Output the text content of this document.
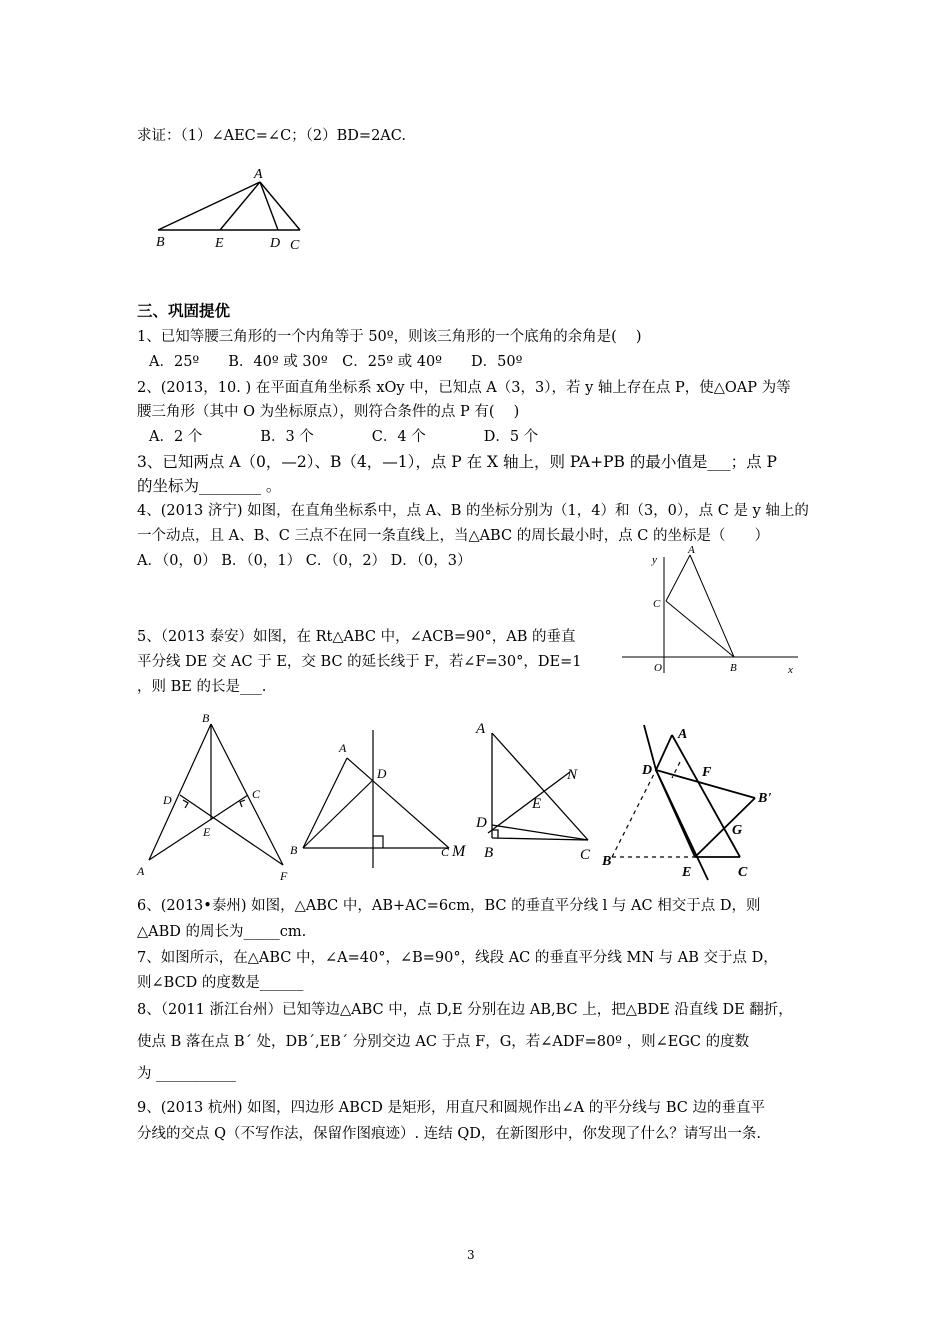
求证：（1）∠AEC=∠C；（2）BD=2AC.
三、巩固提优
1、已知等腰三角形的一个内角等于 50º，则该三角形的一个底角的余角是(　 )
A．25º　　B．40º 或 30º　C．25º 或 40º　　D．50º
2、(2013，10. ) 在平面直角坐标系 xOy 中，已知点 A（3，3），若 y 轴上存在点 P，使△OAP 为等
腰三角形（其中 O 为坐标原点），则符合条件的点 P 有(　 )
A．2 个　　　　B．3 个　　　　C．4 个　　　　D．5 个
3、已知两点 A（0，—2）、B（4，—1），点 P 在 X 轴上，则 PA+PB 的最小值是___；点 P
的坐标为________ 。
4、(2013 济宁) 如图，在直角坐标系中，点 A、B 的坐标分别为（1，4）和（3，0），点 C 是 y 轴上的
一个动点，且 A、B、C 三点不在同一条直线上，当△ABC 的周长最小时，点 C 的坐标是（　　）
A．（0，0） B．（0，1） C．（0，2） D．（0，3）
5、（2013 泰安）如图，在 Rt△ABC 中，∠ACB=90°，AB 的垂直
平分线 DE 交 AC 于 E，交 BC 的延长线于 F，若∠F=30°，DE=1
，则 BE 的长是___.
6、(2013•泰州) 如图，△ABC 中，AB+AC=6cm，BC 的垂直平分线 l 与 AC 相交于点 D，则
△ABD 的周长为_____cm.
7、如图所示，在△ABC 中，∠A=40°，∠B=90°，线段 AC 的垂直平分线 MN 与 AB 交于点 D，
则∠BCD 的度数是______
8、（2011 浙江台州）已知等边△ABC 中，点 D,E 分别在边 AB,BC 上，把△BDE 沿直线 DE 翻折，
使点 B 落在点 B´ 处，DB´,EB´ 分别交边 AC 于点 F，G，若∠ADF=80º ，则∠EGC 的度数
为 ___________
9、(2013 杭州) 如图，四边形 ABCD 是矩形，用直尺和圆规作出∠A 的平分线与 BC 边的垂直平
分线的交点 Q（不写作法，保留作图痕迹）. 连结 QD，在新图形中，你发现了什么？请写出一条.
3
A
B	E	D C
y
A
C
O	B	x
B
D	C
E
A	F
A
D
B	C M
A
N
E
D
B	C
A
D	F
B'
G
B
E	C
